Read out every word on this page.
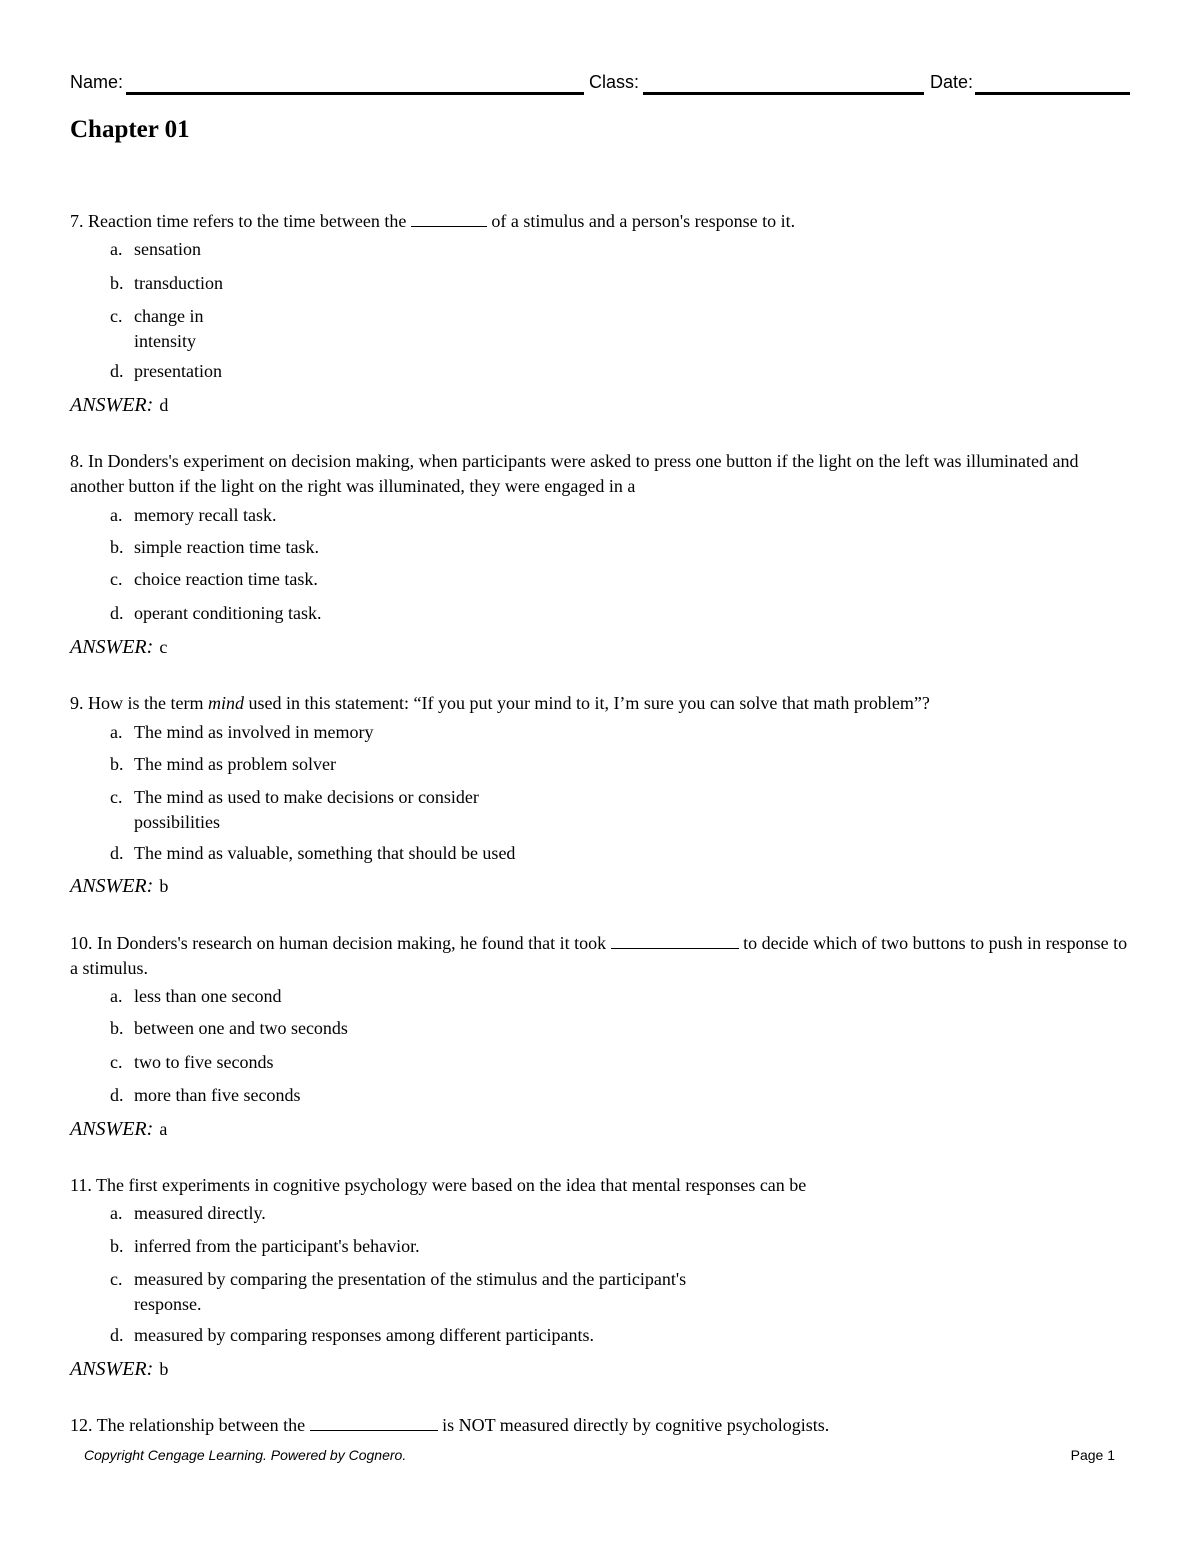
Name:	Class:	Date:
Chapter 01
7. Reaction time refers to the time between the	of a stimulus and a person's response to it.
a. sensation
b. transduction
c. change in
intensity
d. presentation
ANSWER: d
8. In Donders's experiment on decision making, when participants were asked to press one button if the light on the left was illuminated and another button if the light on the right was illuminated, they were engaged in a
a. memory recall task.
b. simple reaction time task.
c. choice reaction time task.
d. operant conditioning task.
ANSWER: c
9. How is the term mind used in this statement: “If you put your mind to it, I’m sure you can solve that math problem”?
a. The mind as involved in memory
b. The mind as problem solver
c. The mind as used to make decisions or consider
possibilities
d. The mind as valuable, something that should be used
ANSWER: b
10. In Donders's research on human decision making, he found that it took	to decide which of two buttons to push in response to a stimulus.
a. less than one second
b. between one and two seconds
c. two to five seconds
d. more than five seconds
ANSWER: a
11. The first experiments in cognitive psychology were based on the idea that mental responses can be
a. measured directly.
b. inferred from the participant's behavior.
c. measured by comparing the presentation of the stimulus and the participant's
response.
d. measured by comparing responses among different participants.
ANSWER: b
12. The relationship between the	is NOT measured directly by cognitive psychologists.
Copyright Cengage Learning. Powered by Cognero.	Page 1
